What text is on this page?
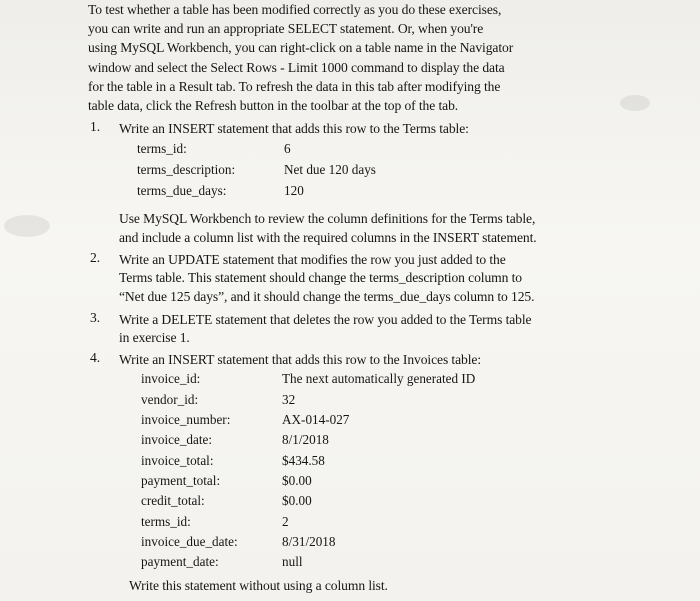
To test whether a table has been modified correctly as you do these exercises,

you can write and run an appropriate SELECT statement. Or, when you're

using MySQL Workbench, you can right-click on a table name in the Navigator

window and select the Select Rows - Limit 1000 command to display the data

for the table in a Result tab. To refresh the data in this tab after modifying the

table data, click the Refresh button in the toolbar at the top of the tab.

1. Write an INSERT statement that adds this row to the Terms table:
terms_id:	6
terms_description:	Net due 120 days
terms_due_days:	120
Use MySQL Workbench to review the column definitions for the Terms table,
and include a column list with the required columns in the INSERT statement.
2. Write an UPDATE statement that modifies the row you just added to the
Terms table. This statement should change the terms_description column to
“Net due 125 days”, and it should change the terms_due_days column to 125.
3. Write a DELETE statement that deletes the row you added to the Terms table
in exercise 1.
4. Write an INSERT statement that adds this row to the Invoices table:
invoice_id:	The next automatically generated ID
vendor_id:	32
invoice_number:	AX-014-027
invoice_date:	8/1/2018
invoice_total:	$434.58
payment_total:	$0.00
credit_total:	$0.00
terms_id:	2
invoice_due_date:	8/31/2018
payment_date:	null
Write this statement without using a column list.
